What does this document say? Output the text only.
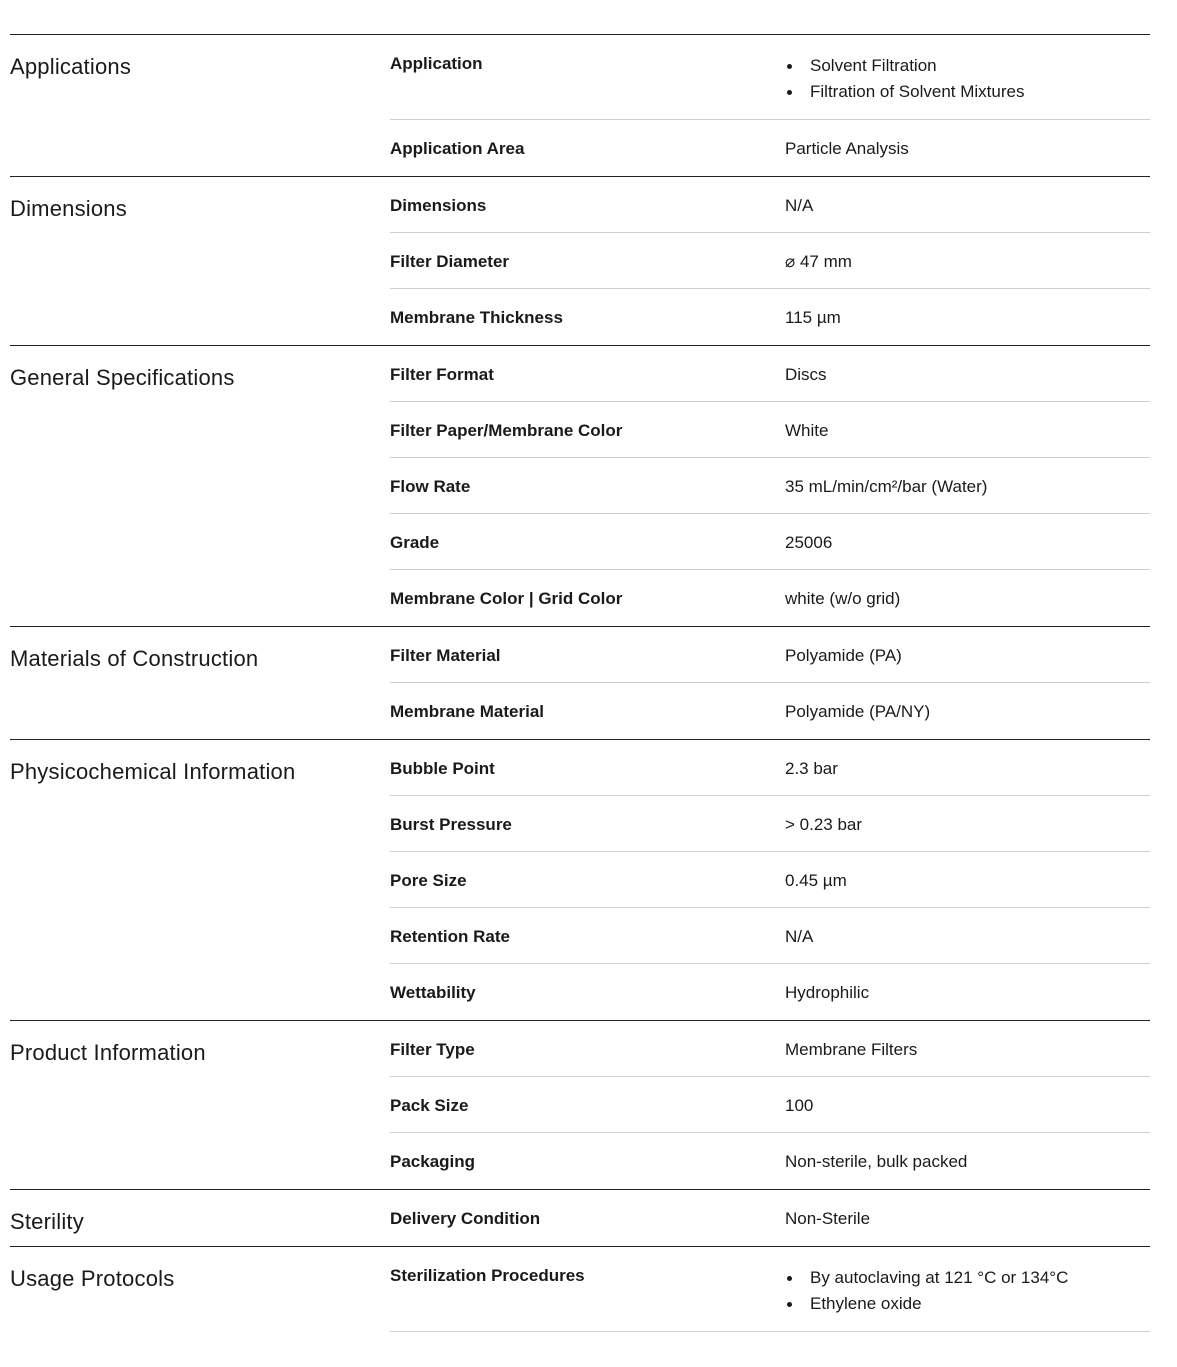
Applications	Application	Solvent Filtration
Filtration of Solvent Mixtures
Application Area	Particle Analysis
Dimensions	Dimensions	N/A
Filter Diameter	⌀ 47 mm
Membrane Thickness	115 µm
General Specifications	Filter Format	Discs
Filter Paper/Membrane Color	White
Flow Rate	35 mL/min/cm²/bar (Water)
Grade	25006
Membrane Color | Grid Color	white (w/o grid)
Materials of Construction	Filter Material	Polyamide (PA)
Membrane Material	Polyamide (PA/NY)
Physicochemical Information	Bubble Point	2.3 bar
Burst Pressure	> 0.23 bar
Pore Size	0.45 µm
Retention Rate	N/A
Wettability	Hydrophilic
Product Information	Filter Type	Membrane Filters
Pack Size	100
Packaging	Non-sterile, bulk packed
Sterility	Delivery Condition	Non-Sterile
Usage Protocols	Sterilization Procedures	By autoclaving at 121 °C or 134°C
Ethylene oxide
